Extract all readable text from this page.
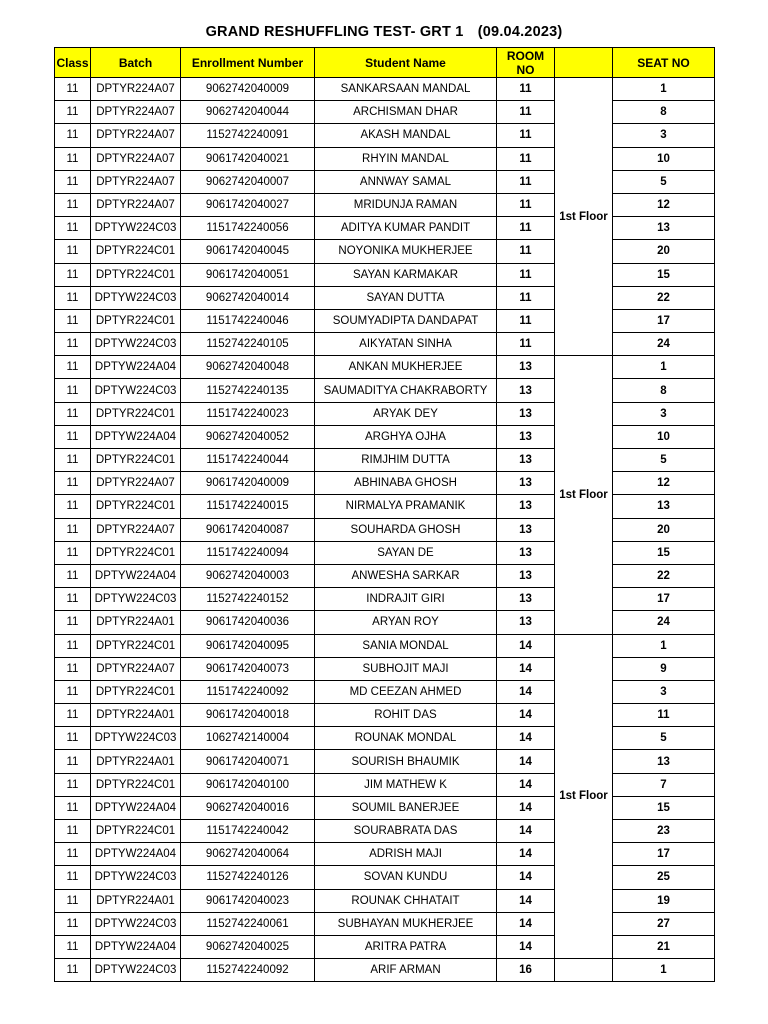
GRAND RESHUFFLING TEST- GRT 1 (09.04.2023)
Class	Batch	Enrollment Number	Student Name	ROOM NO		SEAT NO
11	DPTYR224A07	9062742040009	SANKARSAAN MANDAL	11	1st Floor	1
11	DPTYR224A07	9062742040044	ARCHISMAN DHAR	11		8
11	DPTYR224A07	1152742240091	AKASH MANDAL	11		3
11	DPTYR224A07	9061742040021	RHYIN MANDAL	11		10
11	DPTYR224A07	9062742040007	ANNWAY SAMAL	11		5
11	DPTYR224A07	9061742040027	MRIDUNJA RAMAN	11		12
11	DPTYW224C03	1151742240056	ADITYA KUMAR PANDIT	11		13
11	DPTYR224C01	9061742040045	NOYONIKA MUKHERJEE	11		20
11	DPTYR224C01	9061742040051	SAYAN KARMAKAR	11		15
11	DPTYW224C03	9062742040014	SAYAN DUTTA	11		22
11	DPTYR224C01	1151742240046	SOUMYADIPTA DANDAPAT	11		17
11	DPTYW224C03	1152742240105	AIKYATAN SINHA	11		24
11	DPTYW224A04	9062742040048	ANKAN MUKHERJEE	13	1st Floor	1
11	DPTYW224C03	1152742240135	SAUMADITYA CHAKRABORTY	13		8
11	DPTYR224C01	1151742240023	ARYAK DEY	13		3
11	DPTYW224A04	9062742040052	ARGHYA OJHA	13		10
11	DPTYR224C01	1151742240044	RIMJHIM DUTTA	13		5
11	DPTYR224A07	9061742040009	ABHINABA GHOSH	13		12
11	DPTYR224C01	1151742240015	NIRMALYA PRAMANIK	13		13
11	DPTYR224A07	9061742040087	SOUHARDA GHOSH	13		20
11	DPTYR224C01	1151742240094	SAYAN DE	13		15
11	DPTYW224A04	9062742040003	ANWESHA SARKAR	13		22
11	DPTYW224C03	1152742240152	INDRAJIT GIRI	13		17
11	DPTYR224A01	9061742040036	ARYAN ROY	13		24
11	DPTYR224C01	9061742040095	SANIA MONDAL	14	1st Floor	1
11	DPTYR224A07	9061742040073	SUBHOJIT MAJI	14		9
11	DPTYR224C01	1151742240092	MD CEEZAN AHMED	14		3
11	DPTYR224A01	9061742040018	ROHIT DAS	14		11
11	DPTYW224C03	1062742140004	ROUNAK MONDAL	14		5
11	DPTYR224A01	9061742040071	SOURISH BHAUMIK	14		13
11	DPTYR224C01	9061742040100	JIM MATHEW K	14		7
11	DPTYW224A04	9062742040016	SOUMIL BANERJEE	14		15
11	DPTYR224C01	1151742240042	SOURABRATA DAS	14		23
11	DPTYW224A04	9062742040064	ADRISH MAJI	14		17
11	DPTYW224C03	1152742240126	SOVAN KUNDU	14		25
11	DPTYR224A01	9061742040023	ROUNAK CHHATAIT	14		19
11	DPTYW224C03	1152742240061	SUBHAYAN MUKHERJEE	14		27
11	DPTYW224A04	9062742040025	ARITRA PATRA	14		21
11	DPTYW224C03	1152742240092	ARIF ARMAN	16		1
